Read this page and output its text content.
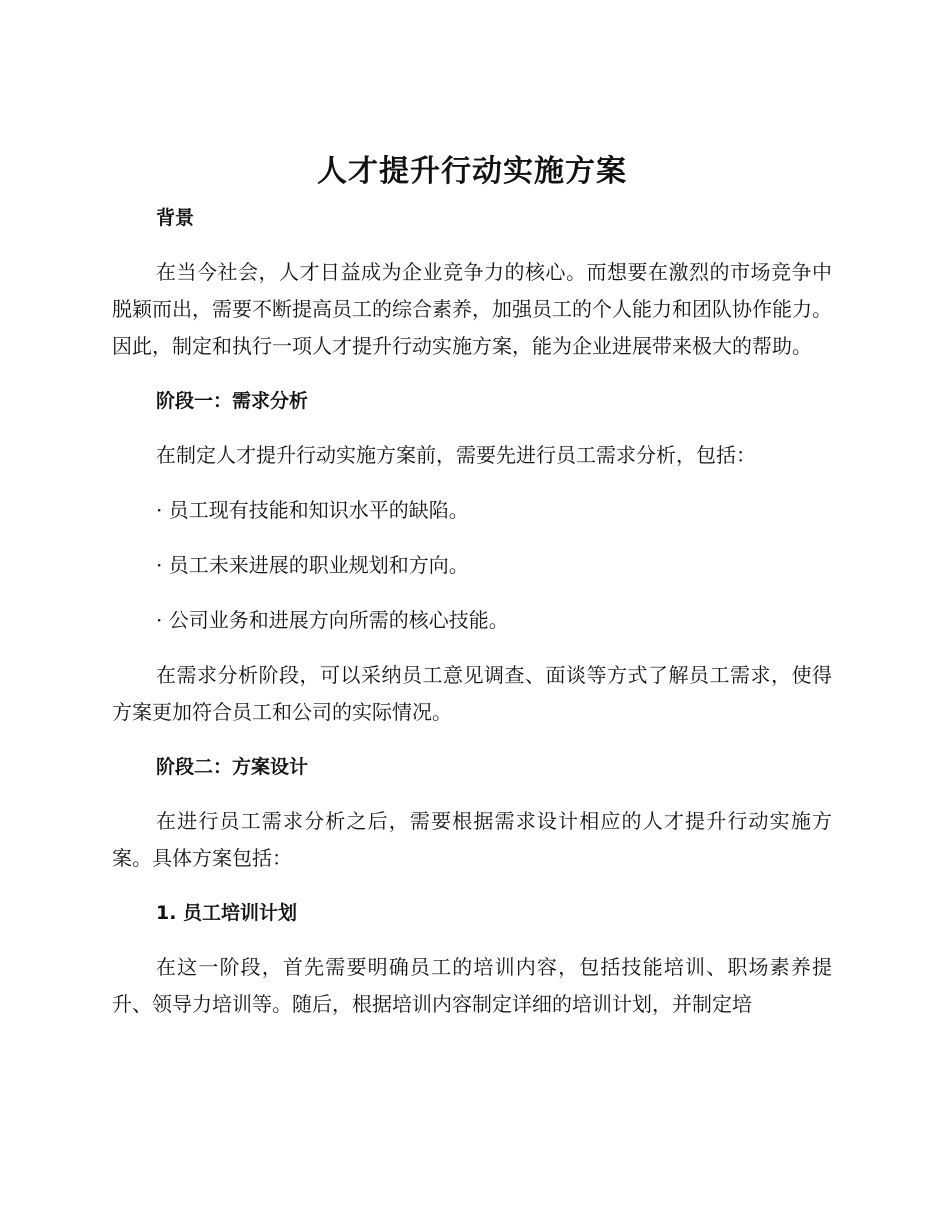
人才提升行动实施方案

背景

在当今社会，人才日益成为企业竞争力的核心。而想要在激烈的市场竞争中脱颖而出，需要不断提高员工的综合素养，加强员工的个人能力和团队协作能力。因此，制定和执行一项人才提升行动实施方案，能为企业进展带来极大的帮助。

阶段一：需求分析

在制定人才提升行动实施方案前，需要先进行员工需求分析，包括：

· 员工现有技能和知识水平的缺陷。

· 员工未来进展的职业规划和方向。

· 公司业务和进展方向所需的核心技能。

在需求分析阶段，可以采纳员工意见调查、面谈等方式了解员工需求，使得方案更加符合员工和公司的实际情况。

阶段二：方案设计

在进行员工需求分析之后，需要根据需求设计相应的人才提升行动实施方案。具体方案包括：

1. 员工培训计划

在这一阶段，首先需要明确员工的培训内容，包括技能培训、职场素养提升、领导力培训等。随后，根据培训内容制定详细的培训计划，并制定培
